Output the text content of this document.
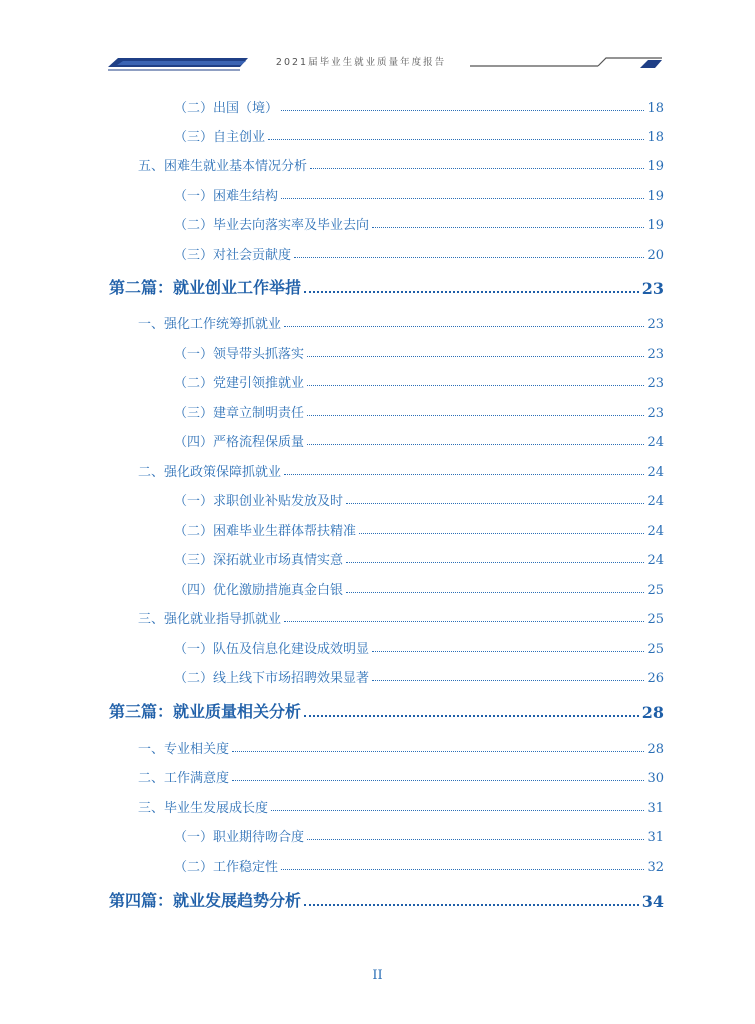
2021届毕业生就业质量年度报告
（二）出国（境）	18
（三）自主创业	18
五、困难生就业基本情况分析	19
（一）困难生结构	19
（二）毕业去向落实率及毕业去向	19
（三）对社会贡献度	20
第二篇：就业创业工作举措	23
一、强化工作统筹抓就业	23
（一）领导带头抓落实	23
（二）党建引领推就业	23
（三）建章立制明责任	23
（四）严格流程保质量	24
二、强化政策保障抓就业	24
（一）求职创业补贴发放及时	24
（二）困难毕业生群体帮扶精准	24
（三）深拓就业市场真情实意	24
（四）优化激励措施真金白银	25
三、强化就业指导抓就业	25
（一）队伍及信息化建设成效明显	25
（二）线上线下市场招聘效果显著	26
第三篇：就业质量相关分析	28
一、专业相关度	28
二、工作满意度	30
三、毕业生发展成长度	31
（一）职业期待吻合度	31
（二）工作稳定性	32
第四篇：就业发展趋势分析	34
II
